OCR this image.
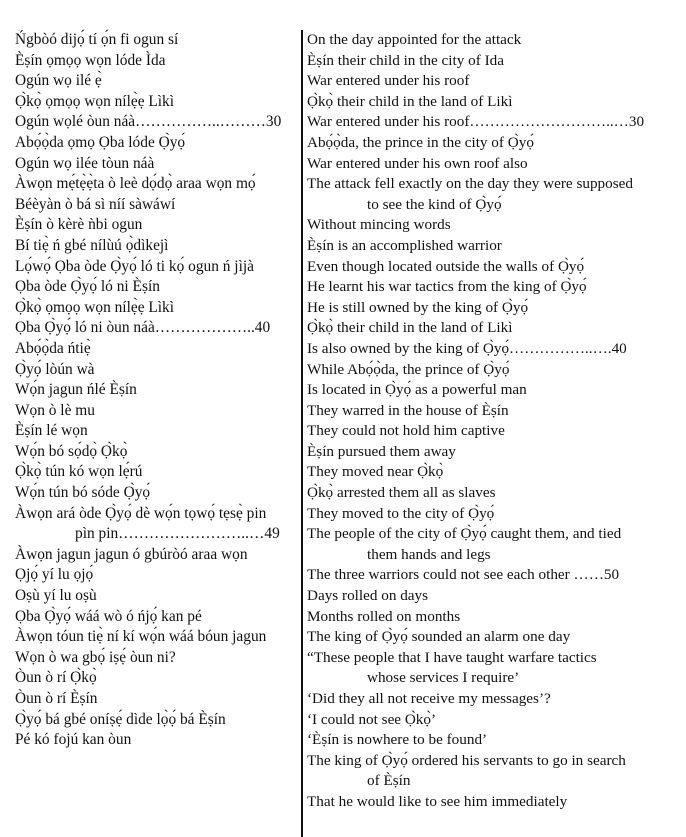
Ńgbòó dijọ́ tí ọ́n fi ogun sí
Èṣín ọmọọ wọn lóde Ìda
Ogún wọ ilé ẹ̀
Ọ̀kọ̀ ọmọọ wọn nílẹ̀ẹ Lìkì
Ogún wọlé òun náà……………..………30
Abọ́ọ̀da ọmọ Ọba lóde Ọ̀yọ́
Ogún wọ ilée tòun náà
Àwọn mẹ́tẹ̀ẹ̀ta ò leè dọ́dọ̀ araa wọn mọ́
Béèyàn ò bá sì níí sàwáwí
Èṣín ò kèrè ǹbi ogun
Bí tiẹ̀ ń gbé nílùú ọ̀dìkejì
Lọ́wọ́ Ọba òde Ọ̀yọ́ ló ti kọ́ ogun ń jìjà
Ọba òde Ọ̀yọ́ ló ni Èṣín
Ọ̀kọ̀ ọmọọ wọn nílẹ̀ẹ Lìkì
Ọba Ọ̀yọ́ ló ni òun náà………………..40
Abọ́ọ̀da ńtiẹ̀
Ọ̀yọ́ lòún wà
Wọ́n jagun ńlé Èṣín
Wọn ò lè mu
Èṣín lé wọn
Wọ́n bó sọ́dọ̀ Ọ̀kọ̀
Ọ̀kọ̀ tún kó wọn lẹ́rú
Wọ́n tún bó sóde Ọ̀yọ́
Àwọn ará òde Ọ̀yọ́ dè wọ́n tọwọ́ tẹsẹ̀ pin
pìn pin……………………..…49
Àwọn jagun jagun ó gbúròó araa wọn
Ọjọ́ yí lu ọjọ́
Oṣù yí lu oṣù
Ọba Ọ̀yọ́ wáá wò ó ńjọ́ kan pé
Àwọn tóun tiẹ̀ ní kí wọ́n wáá bóun jagun
Wọn ò wa gbọ́ iṣẹ́ òun ni?
Òun ò rí Ọ̀kọ̀
Òun ò rí Èṣín
Ọ̀yọ́ bá gbé oníṣẹ́ dìde lọ̀ọ́ bá Èṣín
Pé kó fojú kan òun
On the day appointed for the attack
Èṣín their child in the city of Ida
War entered under his roof
Ọ̀kọ̀ their child in the land of Likì
War entered under his roof………………………..…30
Abọ́ọ̀da, the prince in the city of Ọ̀yọ́
War entered under his own roof also
The attack fell exactly on the day they were supposed
to see the kind of Ọ̀yọ́
Without mincing words
Èṣín is an accomplished warrior
Even though located outside the walls of Ọ̀yọ́
He learnt his war tactics from the king of Ọ̀yọ́
He is still owned by the king of Ọ̀yọ́
Ọ̀kọ̀ their child in the land of Likì
Is also owned by the king of Ọ̀yọ́……………..….40
While Abọ́ọ̀da, the prince of Ọ̀yọ́
Is located in Ọ̀yọ́ as a powerful man
They warred in the house of Èṣín
They could not hold him captive
Èṣín pursued them away
They moved near Ọ̀kọ̀
Ọ̀kọ̀ arrested them all as slaves
They moved to the city of Ọ̀yọ́
The people of the city of Ọ̀yọ́ caught them, and tied
them hands and legs
The three warriors could not see each other ……50
Days rolled on days
Months rolled on months
The king of Ọ̀yọ́ sounded an alarm one day
“These people that I have taught warfare tactics
whose services I require’
‘Did they all not receive my messages’?
‘I could not see Ọ̀kọ̀’
‘Èṣín is nowhere to be found’
The king of Ọ̀yọ́ ordered his servants to go in search
of Èṣín
That he would like to see him immediately
